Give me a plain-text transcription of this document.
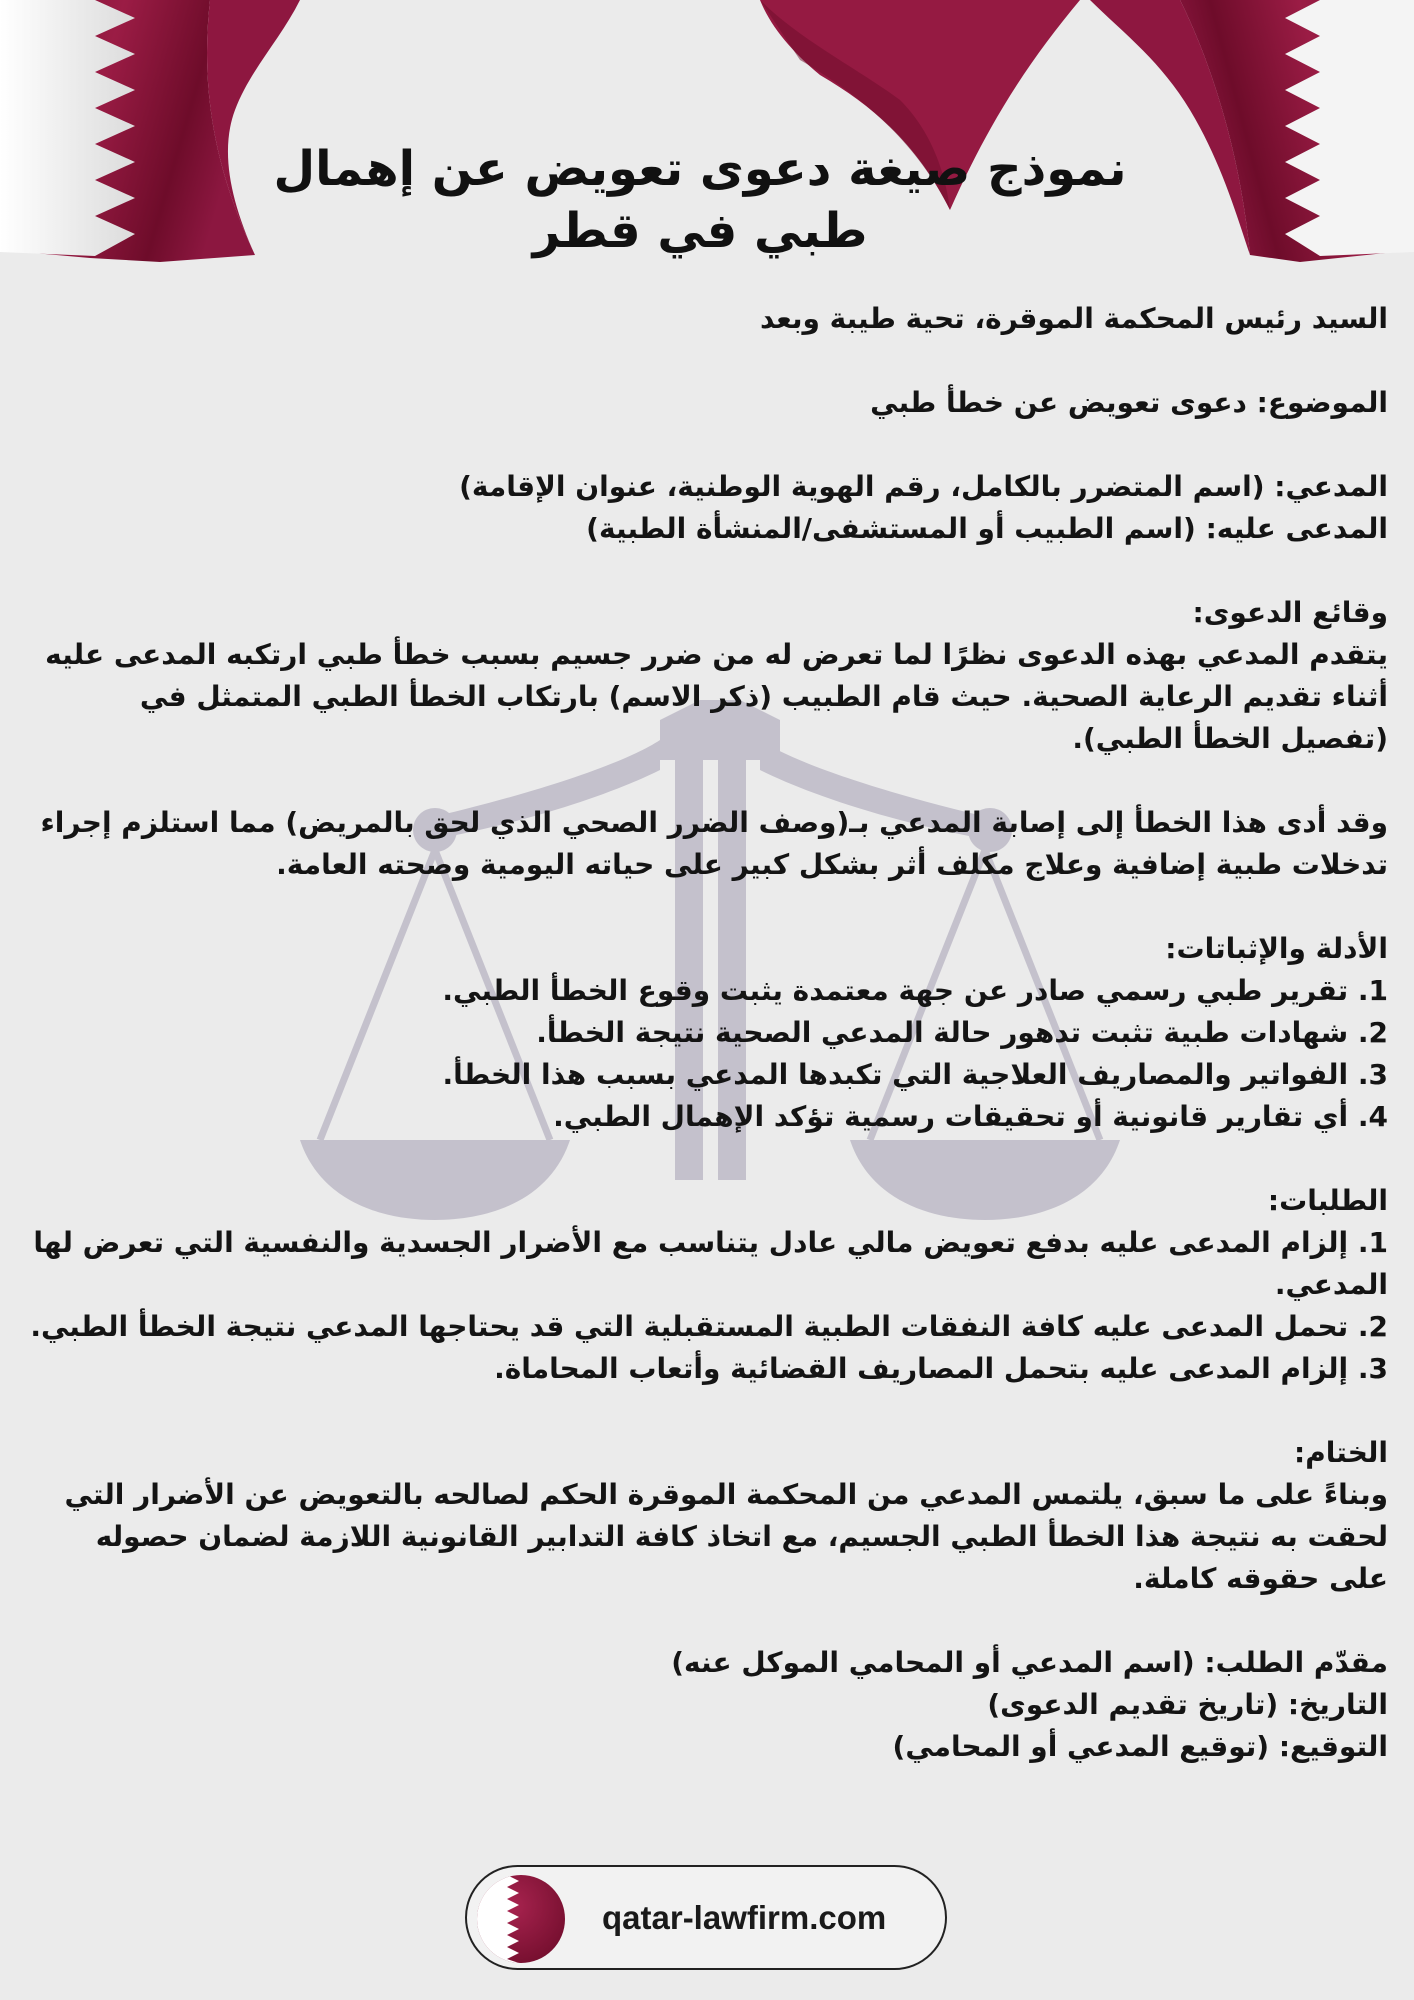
نموذج صيغة دعوى تعويض عن إهمال
طبي في قطر

السيد رئيس المحكمة الموقرة، تحية طيبة وبعد

الموضوع: دعوى تعويض عن خطأ طبي

المدعي: (اسم المتضرر بالكامل، رقم الهوية الوطنية، عنوان الإقامة)

المدعى عليه: (اسم الطبيب أو المستشفى/المنشأة الطبية)

وقائع الدعوى:

يتقدم المدعي بهذه الدعوى نظرًا لما تعرض له من ضرر جسيم بسبب خطأ طبي ارتكبه المدعى عليه أثناء تقديم الرعاية الصحية. حيث قام الطبيب (ذكر الاسم) بارتكاب الخطأ الطبي المتمثل في (تفصيل الخطأ الطبي).

وقد أدى هذا الخطأ إلى إصابة المدعي بـ(وصف الضرر الصحي الذي لحق بالمريض) مما استلزم إجراء تدخلات طبية إضافية وعلاج مكلف أثر بشكل كبير على حياته اليومية وصحته العامة.

الأدلة والإثباتات:

1. تقرير طبي رسمي صادر عن جهة معتمدة يثبت وقوع الخطأ الطبي.
2. شهادات طبية تثبت تدهور حالة المدعي الصحية نتيجة الخطأ.
3. الفواتير والمصاريف العلاجية التي تكبدها المدعي بسبب هذا الخطأ.
4. أي تقارير قانونية أو تحقيقات رسمية تؤكد الإهمال الطبي.

الطلبات:

1. إلزام المدعى عليه بدفع تعويض مالي عادل يتناسب مع الأضرار الجسدية والنفسية التي تعرض لها المدعي.
2. تحمل المدعى عليه كافة النفقات الطبية المستقبلية التي قد يحتاجها المدعي نتيجة الخطأ الطبي.
3. إلزام المدعى عليه بتحمل المصاريف القضائية وأتعاب المحاماة.

الختام:

وبناءً على ما سبق، يلتمس المدعي من المحكمة الموقرة الحكم لصالحه بالتعويض عن الأضرار التي لحقت به نتيجة هذا الخطأ الطبي الجسيم، مع اتخاذ كافة التدابير القانونية اللازمة لضمان حصوله على حقوقه كاملة.

مقدّم الطلب: (اسم المدعي أو المحامي الموكل عنه)

التاريخ: (تاريخ تقديم الدعوى)

التوقيع: (توقيع المدعي أو المحامي)

qatar-lawfirm.com
